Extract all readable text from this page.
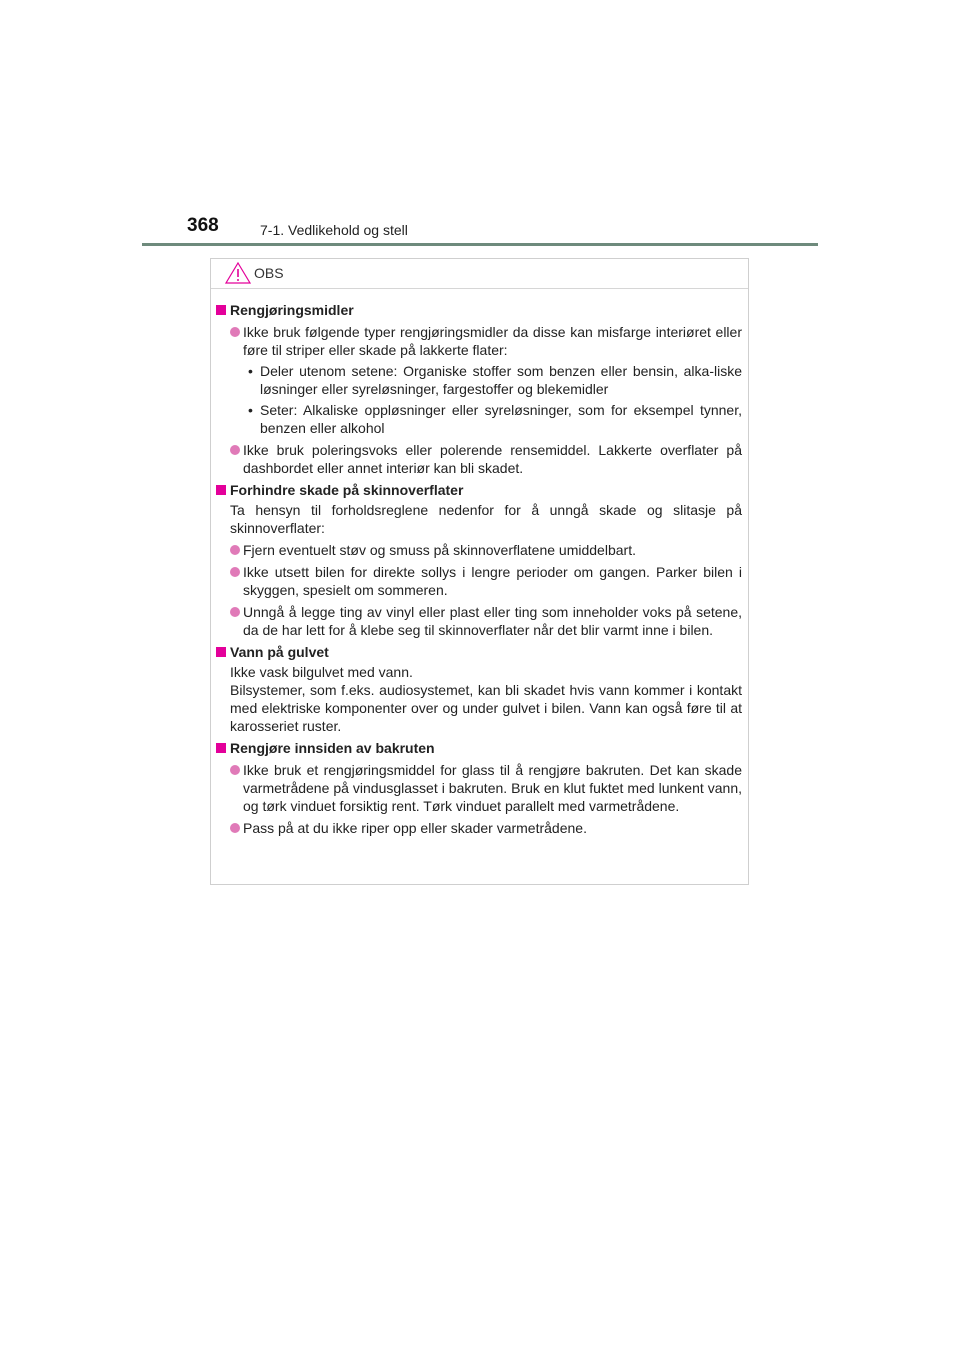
368	7-1. Vedlikehold og stell
OBS
Rengjøringsmidler
Ikke bruk følgende typer rengjøringsmidler da disse kan misfarge interiøret eller føre til striper eller skade på lakkerte flater:
• Deler utenom setene: Organiske stoffer som benzen eller bensin, alka-liske løsninger eller syreløsninger, fargestoffer og blekemidler
• Seter: Alkaliske oppløsninger eller syreløsninger, som for eksempel tynner, benzen eller alkohol
Ikke bruk poleringsvoks eller polerende rensemiddel. Lakkerte overflater på dashbordet eller annet interiør kan bli skadet.
Forhindre skade på skinnoverflater
Ta hensyn til forholdsreglene nedenfor for å unngå skade og slitasje på skinnoverflater:
Fjern eventuelt støv og smuss på skinnoverflatene umiddelbart.
Ikke utsett bilen for direkte sollys i lengre perioder om gangen. Parker bilen i skyggen, spesielt om sommeren.
Unngå å legge ting av vinyl eller plast eller ting som inneholder voks på setene, da de har lett for å klebe seg til skinnoverflater når det blir varmt inne i bilen.
Vann på gulvet
Ikke vask bilgulvet med vann.
Bilsystemer, som f.eks. audiosystemet, kan bli skadet hvis vann kommer i kontakt med elektriske komponenter over og under gulvet i bilen. Vann kan også føre til at karosseriet ruster.
Rengjøre innsiden av bakruten
Ikke bruk et rengjøringsmiddel for glass til å rengjøre bakruten. Det kan skade varmetrådene på vindusglasset i bakruten. Bruk en klut fuktet med lunkent vann, og tørk vinduet forsiktig rent. Tørk vinduet parallelt med varmetrådene.
Pass på at du ikke riper opp eller skader varmetrådene.
